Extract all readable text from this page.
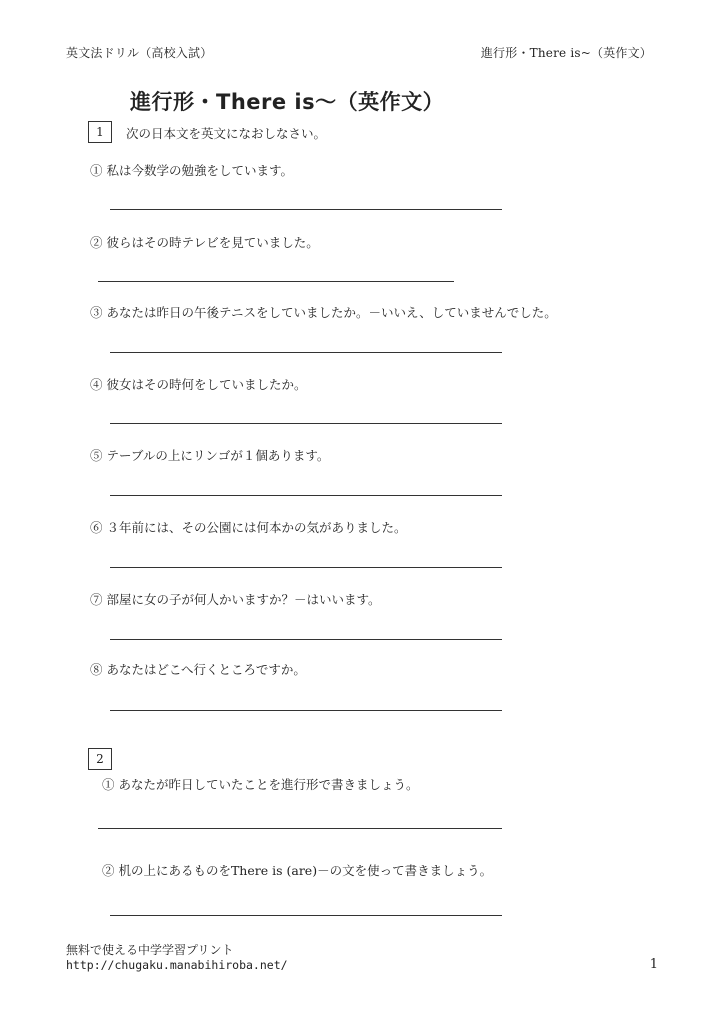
英文法ドリル（高校入試）	進行形・There is~（英作文）
進行形・There is～（英作文）
1	次の日本文を英文になおしなさい。
① 私は今数学の勉強をしています。
② 彼らはその時テレビを見ていました。
③ あなたは昨日の午後テニスをしていましたか。－いいえ、していませんでした。
④ 彼女はその時何をしていましたか。
⑤ テーブルの上にリンゴが１個あります。
⑥ ３年前には、その公園には何本かの気がありました。
⑦ 部屋に女の子が何人かいますか？－はいいます。
⑧ あなたはどこへ行くところですか。
2
① あなたが昨日していたことを進行形で書きましょう。
② 机の上にあるものをThere is (are)－の文を使って書きましょう。
無料で使える中学学習プリント
http://chugaku.manabihiroba.net/	1
